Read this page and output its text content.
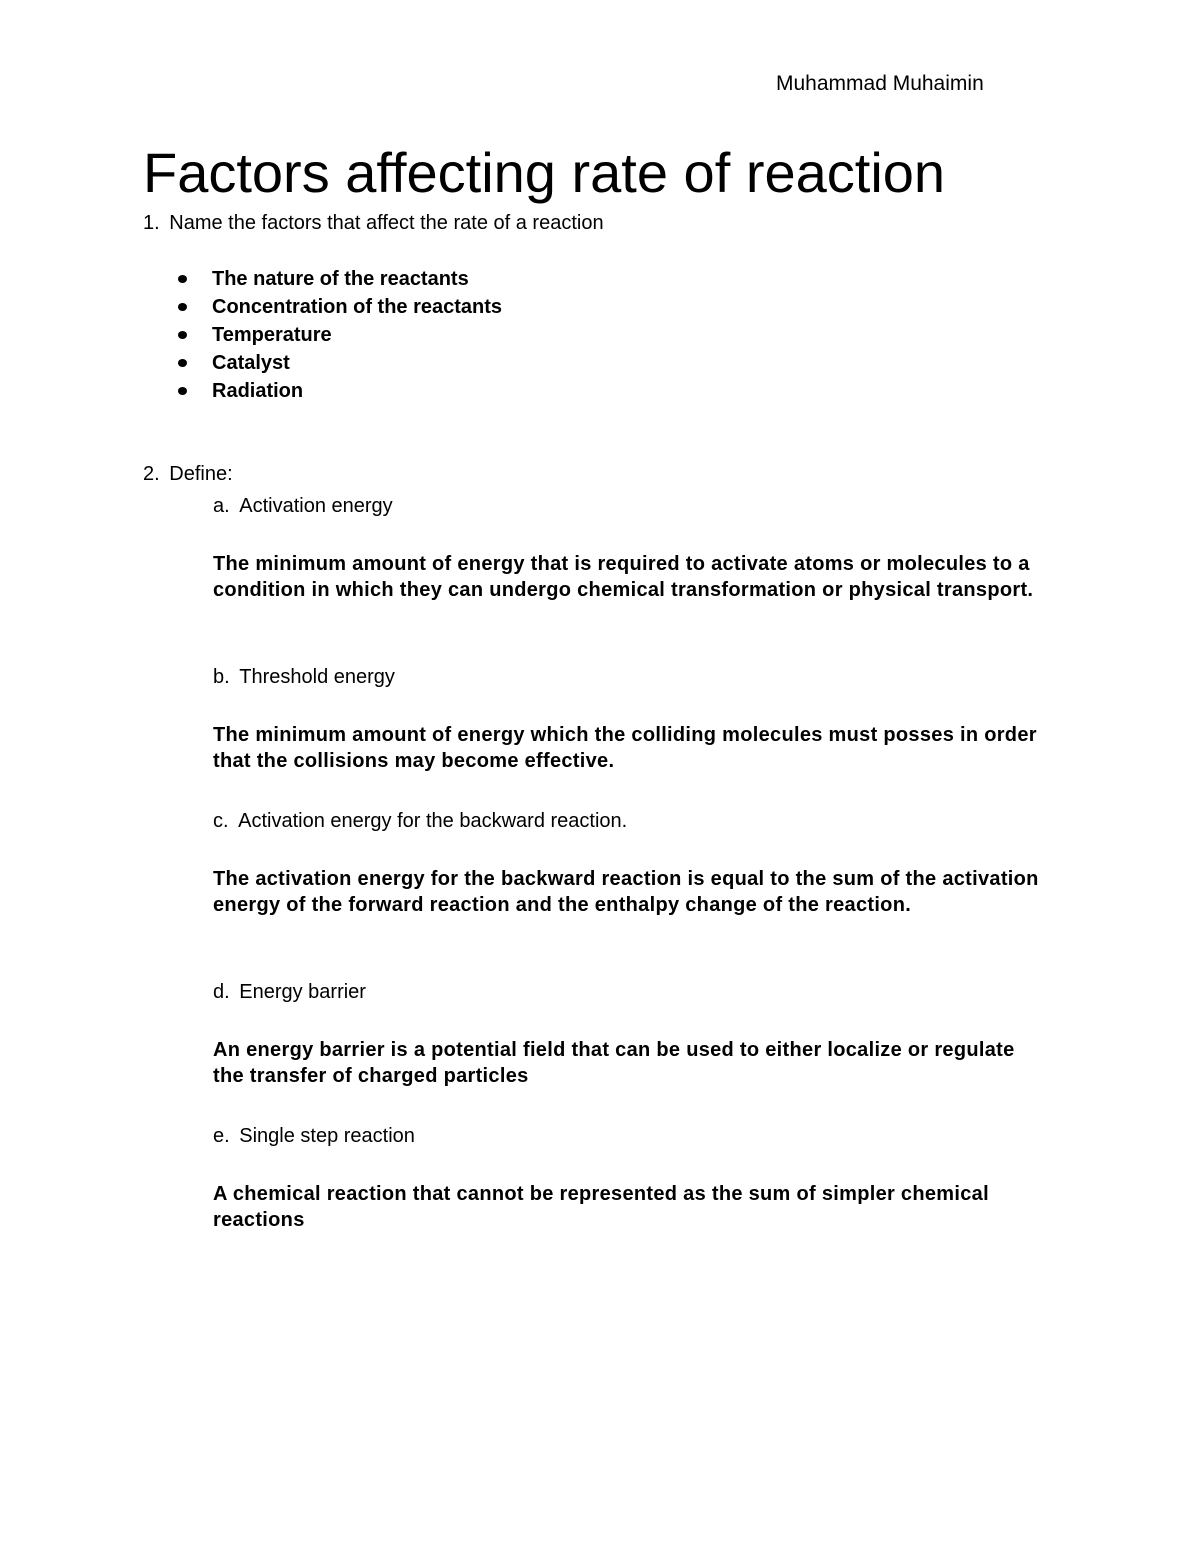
Muhammad Muhaimin
Factors affecting rate of reaction
1. Name the factors that affect the rate of a reaction
The nature of the reactants
Concentration of the reactants
Temperature
Catalyst
Radiation
2. Define:
a. Activation energy
The minimum amount of energy that is required to activate atoms or molecules to a condition in which they can undergo chemical transformation or physical transport.
b. Threshold energy
The minimum amount of energy which the colliding molecules must posses in order that the collisions may become effective.
c. Activation energy for the backward reaction.
The activation energy for the backward reaction is equal to the sum of the activation energy of the forward reaction and the enthalpy change of the reaction.
d. Energy barrier
An energy barrier is a potential field that can be used to either localize or regulate the transfer of charged particles
e. Single step reaction
A chemical reaction that cannot be represented as the sum of simpler chemical reactions
